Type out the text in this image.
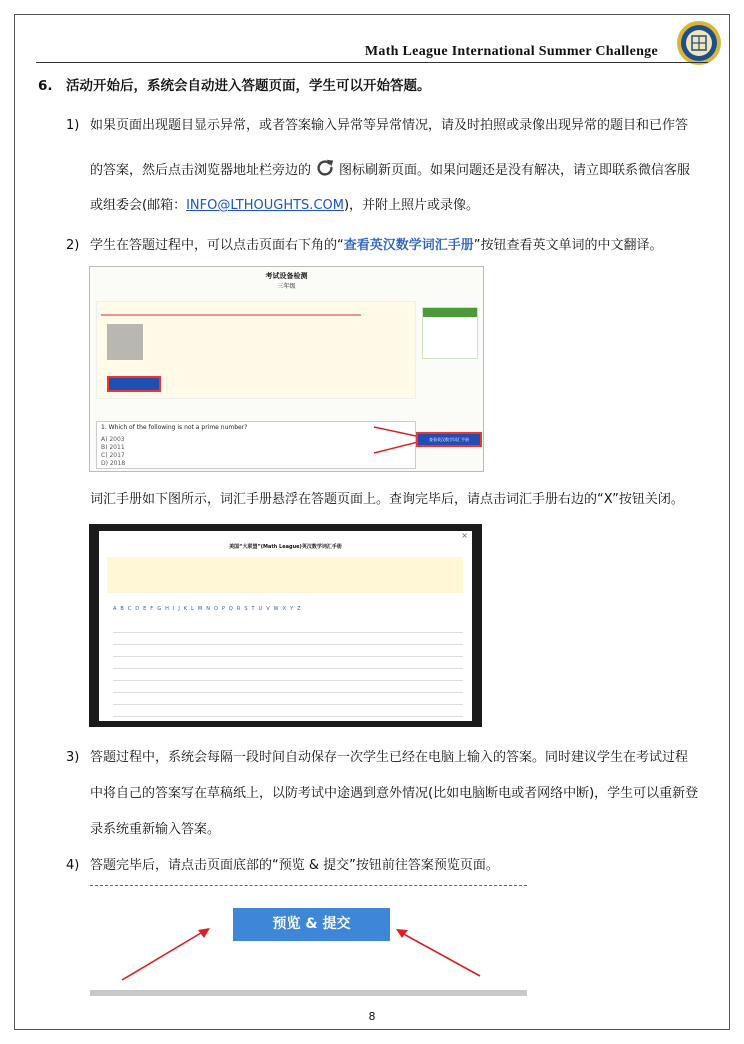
Math League International Summer Challenge
6. 活动开始后，系统会自动进入答题页面，学生可以开始答题。
1) 如果页面出现题目显示异常，或者答案输入异常等异常情况，请及时拍照或录像出现异常的题目和已作答
的答案，然后点击浏览器地址栏旁边的 图标刷新页面。如果问题还是没有解决，请立即联系微信客服
或组委会(邮箱：INFO@LTHOUGHTS.COM)，并附上照片或录像。
2) 学生在答题过程中，可以点击页面右下角的“查看英汉数学词汇手册”按钮查看英文单词的中文翻译。
考试设备检测
三年级
1. Which of the following is not a prime number?
A) 2003
B) 2011
C) 2017
D) 2018
查看英汉数学词汇手册
词汇手册如下图所示，词汇手册悬浮在答题页面上。查询完毕后，请点击词汇手册右边的“X”按钮关闭。
×
美国“大联盟”(Math League)英汉数学词汇手册
ABCDEFGHIJKLMNOPQRSTUVWXYZ
3) 答题过程中，系统会每隔一段时间自动保存一次学生已经在电脑上输入的答案。同时建议学生在考试过程
中将自己的答案写在草稿纸上，以防考试中途遇到意外情况(比如电脑断电或者网络中断)，学生可以重新登
录系统重新输入答案。
4) 答题完毕后，请点击页面底部的“预览 & 提交”按钮前往答案预览页面。
预览 & 提交
8
